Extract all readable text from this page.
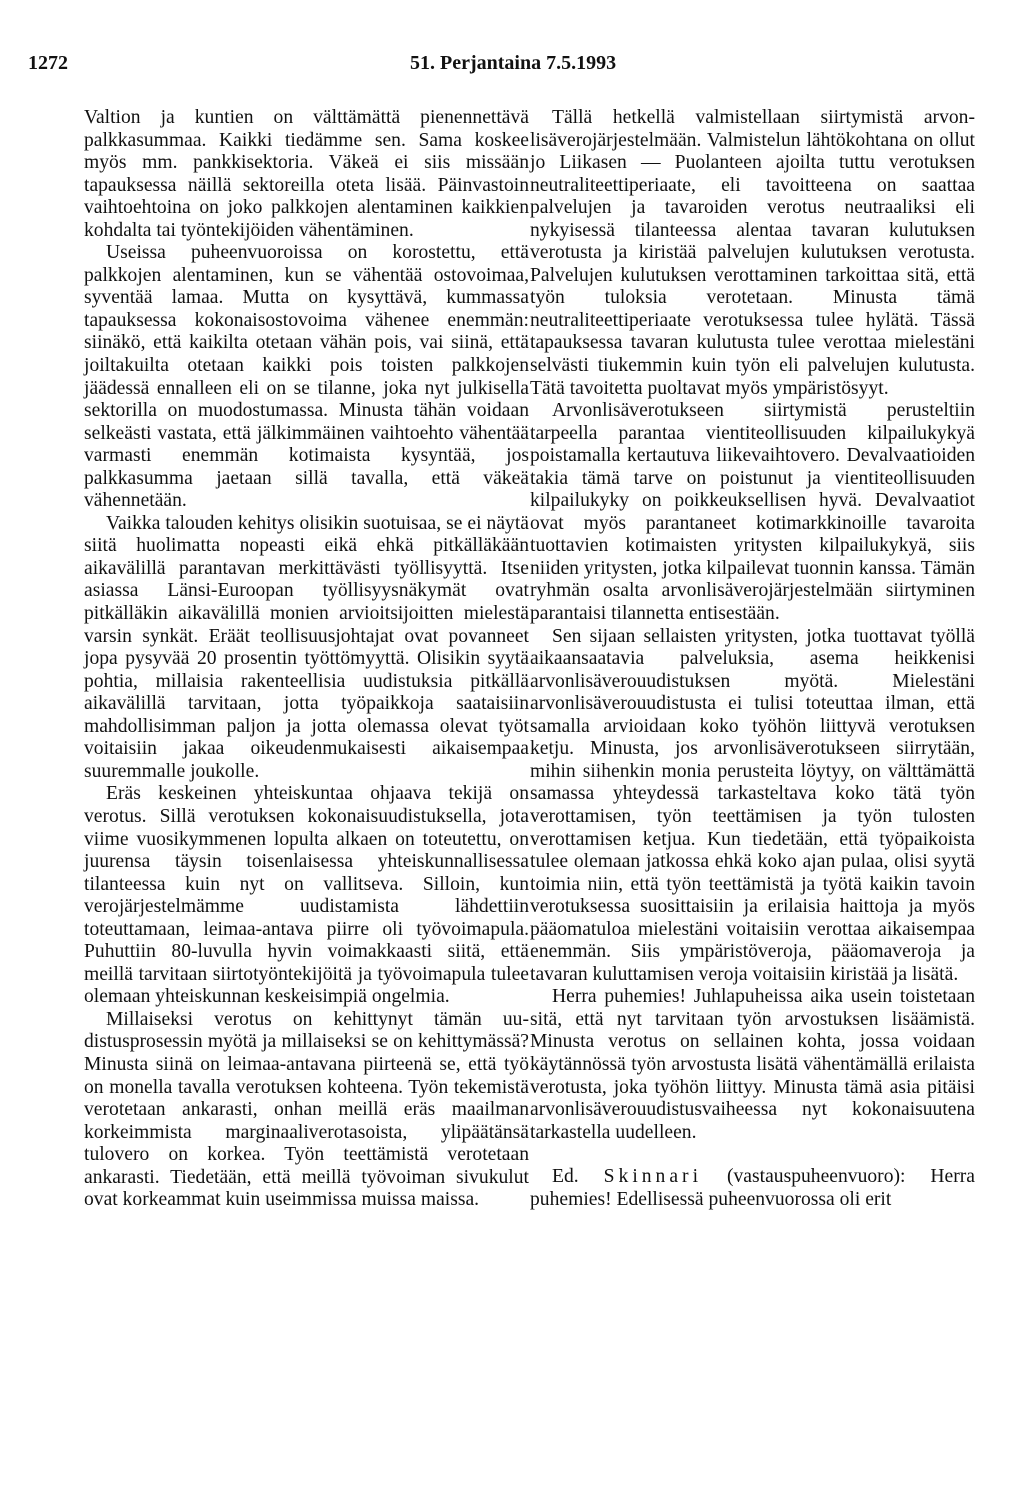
1272	51. Perjantaina 7.5.1993

Valtion ja kuntien on välttämättä pienennettävä palkkasummaa. Kaikki tiedämme sen. Sama koskee myös mm. pankkisektoria. Väkeä ei siis missään tapauksessa näillä sektoreilla oteta lisää. Päinvastoin vaihtoehtoina on joko palkkojen alentaminen kaikkien kohdalta tai työntekijöiden vähentäminen.

Useissa puheenvuoroissa on korostettu, että palkkojen alentaminen, kun se vähentää ostovoimaa, syventää lamaa. Mutta on kysyttävä, kummassa tapauksessa kokonaisostovoima vähenee enemmän: siinäkö, että kaikilta otetaan vähän pois, vai siinä, että joiltakuilta otetaan kaikki pois toisten palkkojen jäädessä ennalleen eli on se tilanne, joka nyt julkisella sektorilla on muodostumassa. Minusta tähän voidaan selkeästi vastata, että jälkimmäinen vaihtoehto vähentää varmasti enemmän kotimaista kysyntää, jos palkkasumma jaetaan sillä tavalla, että väkeä vähennetään.

Vaikka talouden kehitys olisikin suotuisaa, se ei näytä siitä huolimatta nopeasti eikä ehkä pitkälläkään aikavälillä parantavan merkittävästi työllisyyttä. Itse asiassa Länsi-Euroopan työllisyysnäkymät ovat pitkälläkin aikavälillä monien arvioitsijoitten mielestä varsin synkät. Eräät teollisuusjohtajat ovat povanneet jopa pysyvää 20 prosentin työttömyyttä. Olisikin syytä pohtia, millaisia rakenteellisia uudistuksia pitkällä aikavälillä tarvitaan, jotta työpaikkoja saataisiin mahdollisimman paljon ja jotta olemassa olevat työt voitaisiin jakaa oikeudenmukaisesti aikaisempaa suuremmalle joukolle.

Eräs keskeinen yhteiskuntaa ohjaava tekijä on verotus. Sillä verotuksen kokonaisuudistuksella, jota viime vuosikymmenen lopulta alkaen on toteutettu, on juurensa täysin toisenlaisessa yhteiskunnallisessa tilanteessa kuin nyt on vallitseva. Silloin, kun verojärjestelmämme uudistamista lähdettiin toteuttamaan, leimaa-antava piirre oli työvoimapula. Puhuttiin 80-luvulla hyvin voimakkaasti siitä, että meillä tarvitaan siirtotyöntekijöitä ja työvoimapula tulee olemaan yhteiskunnan keskeisimpiä ongelmia.

Millaiseksi verotus on kehittynyt tämän uudistusprosessin myötä ja millaiseksi se on kehittymässä? Minusta siinä on leimaa-antavana piirteenä se, että työ on monella tavalla verotuksen kohteena. Työn tekemistä verotetaan ankarasti, onhan meillä eräs maailman korkeimmista marginaaliverotasoista, ylipäätänsä tulovero on korkea. Työn teettämistä verotetaan ankarasti. Tiedetään, että meillä työvoiman sivukulut ovat korkeammat kuin useimmissa muissa maissa.

Tällä hetkellä valmistellaan siirtymistä arvonlisäverojärjestelmään. Valmistelun lähtökohtana on ollut jo Liikasen — Puolanteen ajoilta tuttu verotuksen neutraliteettiperiaate, eli tavoitteena on saattaa palvelujen ja tavaroiden verotus neutraaliksi eli nykyisessä tilanteessa alentaa tavaran kulutuksen verotusta ja kiristää palvelujen kulutuksen verotusta. Palvelujen kulutuksen verottaminen tarkoittaa sitä, että työn tuloksia verotetaan. Minusta tämä neutraliteettiperiaate verotuksessa tulee hylätä. Tässä tapauksessa tavaran kulutusta tulee verottaa mielestäni selvästi tiukemmin kuin työn eli palvelujen kulutusta. Tätä tavoitetta puoltavat myös ympäristösyyt.

Arvonlisäverotukseen siirtymistä perusteltiin tarpeella parantaa vientiteollisuuden kilpailukykyä poistamalla kertautuva liikevaihtovero. Devalvaatioiden takia tämä tarve on poistunut ja vientiteollisuuden kilpailukyky on poikkeuksellisen hyvä. Devalvaatiot ovat myös parantaneet kotimarkkinoille tavaroita tuottavien kotimaisten yritysten kilpailukykyä, siis niiden yritysten, jotka kilpailevat tuonnin kanssa. Tämän ryhmän osalta arvonlisäverojärjestelmään siirtyminen parantaisi tilannetta entisestään.

Sen sijaan sellaisten yritysten, jotka tuottavat työllä aikaansaatavia palveluksia, asema heikkenisi arvonlisäverouudistuksen myötä. Mielestäni arvonlisäverouudistusta ei tulisi toteuttaa ilman, että samalla arvioidaan koko työhön liittyvä verotuksen ketju. Minusta, jos arvonlisäverotukseen siirrytään, mihin siihenkin monia perusteita löytyy, on välttämättä samassa yhteydessä tarkasteltava koko tätä työn verottamisen, työn teettämisen ja työn tulosten verottamisen ketjua. Kun tiedetään, että työpaikoista tulee olemaan jatkossa ehkä koko ajan pulaa, olisi syytä toimia niin, että työn teettämistä ja työtä kaikin tavoin verotuksessa suosittaisiin ja erilaisia haittoja ja myös pääomatuloa mielestäni voitaisiin verottaa aikaisempaa enemmän. Siis ympäristöveroja, pääomaveroja ja tavaran kuluttamisen veroja voitaisiin kiristää ja lisätä.

Herra puhemies! Juhlapuheissa aika usein toistetaan sitä, että nyt tarvitaan työn arvostuksen lisäämistä. Minusta verotus on sellainen kohta, jossa voidaan käytännössä työn arvostusta lisätä vähentämällä erilaista verotusta, joka työhön liittyy. Minusta tämä asia pitäisi arvonlisäverouudistusvaiheessa nyt kokonaisuutena tarkastella uudelleen.

Ed. Skinnari (vastauspuheenvuoro): Herra puhemies! Edellisessä puheenvuorossa oli erit
